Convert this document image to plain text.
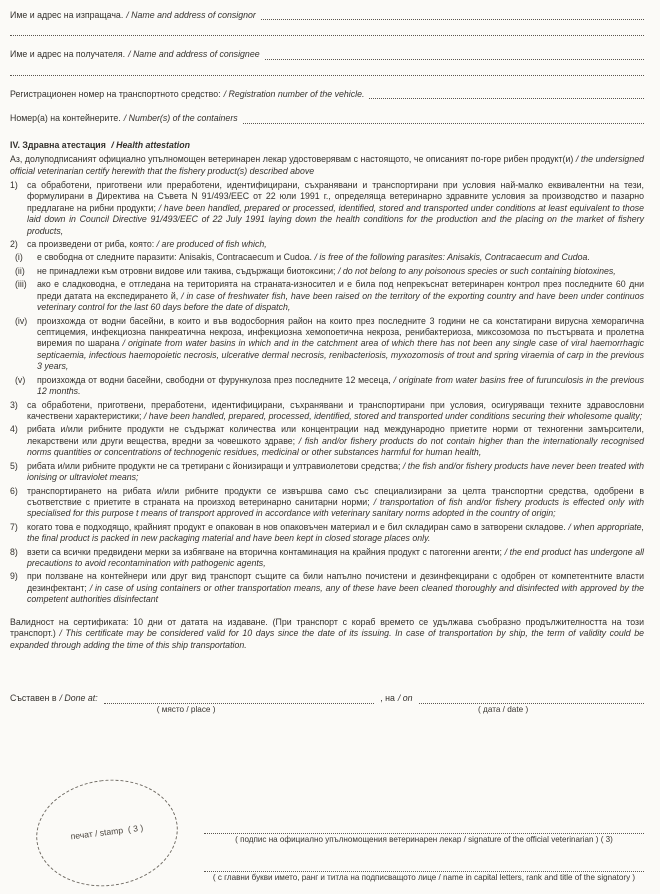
Име и адрес на изпращача. / Name and address of consignor
Име и адрес на получателя. / Name and address of consignee
Регистрационен номер на транспортното средство: / Registration number of the vehicle.
Номер(а) на контейнерите. / Number(s) of the containers
IV. Здравна атестация / Health attestation
Аз, долуподписаният официално упълномощен ветеринарен лекар удостоверявам с настоящото, че описаният по-горе рибен продукт(и) / the undersigned official veterinarian certify herewith that the fishery product(s) described above
1)	са обработени, приготвени или преработени, идентифицирани, съхранявани и транспортирани при условия най-малко еквивалентни на тези, формулирани в Директива на Съвета N 91/493/ЕЕС от 22 юли 1991 г., определяща ветеринарно здравните условия за производство и пазарно предлагане на рибни продукти; / have been handled, prepared or processed, identified, stored and transported under conditions at least equivalent to those laid down in Council Directive 91/493/EEC of 22 July 1991 laying down the health conditions for the production and the placing on the market of fishery products,
2)	са произведени от риба, която: / are produced of fish which,
(i)	е свободна от следните паразити: Anisakis, Contracaecum и Cudoa. / is free of the following parasites: Anisakis, Contracaecum and Cudoa.
(ii)	не принадлежи към отровни видове или такива, съдържащи биотоксини; / do not belong to any poisonous species or such containing biotoxines,
(iii)	ако е сладководна, е отгледана на територията на страната-износител и е била под непрекъснат ветеринарен контрол през последните 60 дни преди датата на експедирането й, / in case of freshwater fish, have been raised on the territory of the exporting country and have been under continuos veterinary control for the last 60 days before the date of dispatch,
(iv)	произхожда от водни басейни, в които и във водосборния район на които през последните 3 години не са констатирани вирусна хеморагична септицемия, инфекциозна панкреатична некроза, инфекциозна хемопоетична некроза, ренибактериоза, миксозомоза по пъстървата и пролетна виремия по шарана / originate from water basins in which and in the catchment area of which there has not been any single case of viral haemorrhagic septicaemia, infectious haemopoietic necrosis, ulcerative dermal necrosis, renibacteriosis, myxozomosis of trout and spring viraemia of carp in the previous 3 years,
(v)	произхожда от водни басейни, свободни от фурункулоза през последните 12 месеца, / originate from water basins free of furunculosis in the previous 12 months.
3)	са обработени, приготвени, преработени, идентифицирани, съхранявани и транспортирани при условия, осигуряващи техните здравословни качествени характеристики; / have been handled, prepared, processed, identified, stored and transported under conditions securing their wholesome quality;
4)	рибата и/или рибните продукти не съдържат количества или концентрации над международно приетите норми от техногенни замърсители, лекарствени или други вещества, вредни за човешкото здраве; / fish and/or fishery products do not contain higher than the internationally recognised norms quantities or concentrations of technogenic residues, medicinal or other substances harmful for human health,
5)	рибата и/или рибните продукти не са третирани с йонизиращи и ултравиолетови средства; / the fish and/or fishery products have never been treated with ionising or ultraviolet means;
6)	транспортирането на рибата и/или рибните продукти се извършва само със специализирани за целта транспортни средства, одобрени в съответствие с приетите в страната на произход ветеринарно санитарни норми; / transportation of fish and/or fishery products is effected only with specialised for this purpose t means of transport approved in accordance with veterinary sanitary norms adopted in the country of origin;
7)	когато това е подходящо, крайният продукт е опакован в нов опаковъчен материал и е бил складиран само в затворени складове. / when appropriate, the final product is packed in new packaging material and have been kept in closed storage places only.
8)	взети са всички предвидени мерки за избягване на вторична контаминация на крайния продукт с патогенни агенти; / the end product has undergone all precautions to avoid recontamination with pathogenic agents,
9)	при ползване на контейнери или друг вид транспорт същите са били напълно почистени и дезинфекцирани с одобрен от компетентните власти дезинфектант; / in case of using containers or other transportation means, any of these have been cleaned thoroughly and disinfected with approved by the competent authorities disinfectant
Валидност на сертификата: 10 дни от датата на издаване. (При транспорт с кораб времето се удължава съобразно продължителността на този транспорт.) / This certificate may be considered valid for 10 days since the date of its issuing. In case of transportation by ship, the term of validity could be expanded through adding the time of this ship transportation.
Съставен в / Done at:	, на / on
( място / place )	( дата / date )
печат / stamp ( 3 )
( подпис на официално упълномощения ветеринарен лекар / signature of the official veterinarian ) ( 3)
( с главни букви името, ранг и титла на подписващото лице / name in capital letters, rank and title of the signatory )
